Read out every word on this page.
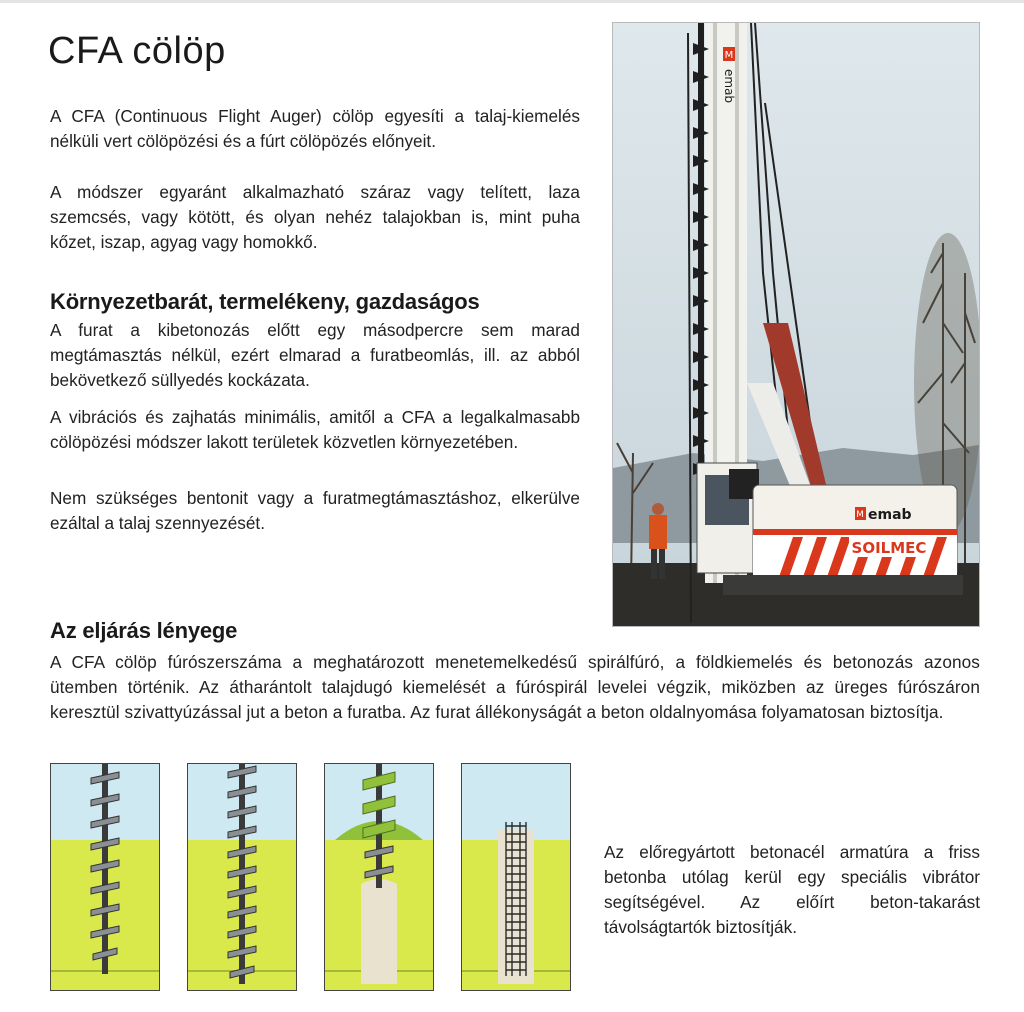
CFA cölöp

A CFA (Continuous Flight Auger) cölöp egyesíti a talaj-kiemelés nélküli vert cölöpözési és a fúrt cölöpözés előnyeit.

A módszer egyaránt alkalmazható száraz vagy telített, laza szemcsés, vagy kötött, és olyan nehéz talajokban is, mint puha kőzet, iszap, agyag vagy homokkő.

Környezetbarát, termelékeny, gazdaságos

A furat a kibetonozás előtt egy másodpercre sem marad megtámasztás nélkül, ezért elmarad a furatbeomlás, ill. az abból bekövetkező süllyedés kockázata.

A vibrációs és zajhatás minimális, amitől a CFA a legalkalmasabb cölöpözési módszer lakott területek közvetlen környezetében.

Nem szükséges bentonit vagy a furatmegtámasztáshoz, elkerülve ezáltal a talaj szennyezését.

M
emab
SOILMEC
M emab
Az eljárás lényege

A CFA cölöp fúrószerszáma a meghatározott menetemelkedésű spirálfúró, a földkiemelés és betonozás azonos ütemben történik. Az átharántolt talajdugó kiemelését a fúróspirál levelei végzik, miközben az üreges fúrószáron keresztül szivattyúzással jut a beton a furatba. Az furat állékonyságát a beton oldalnyomása folyamatosan biztosítja.

Az előregyártott betonacél armatúra a friss betonba utólag kerül egy speciális vibrátor segítségével. Az előírt beton-takarást távolságtartók biztosítják.
